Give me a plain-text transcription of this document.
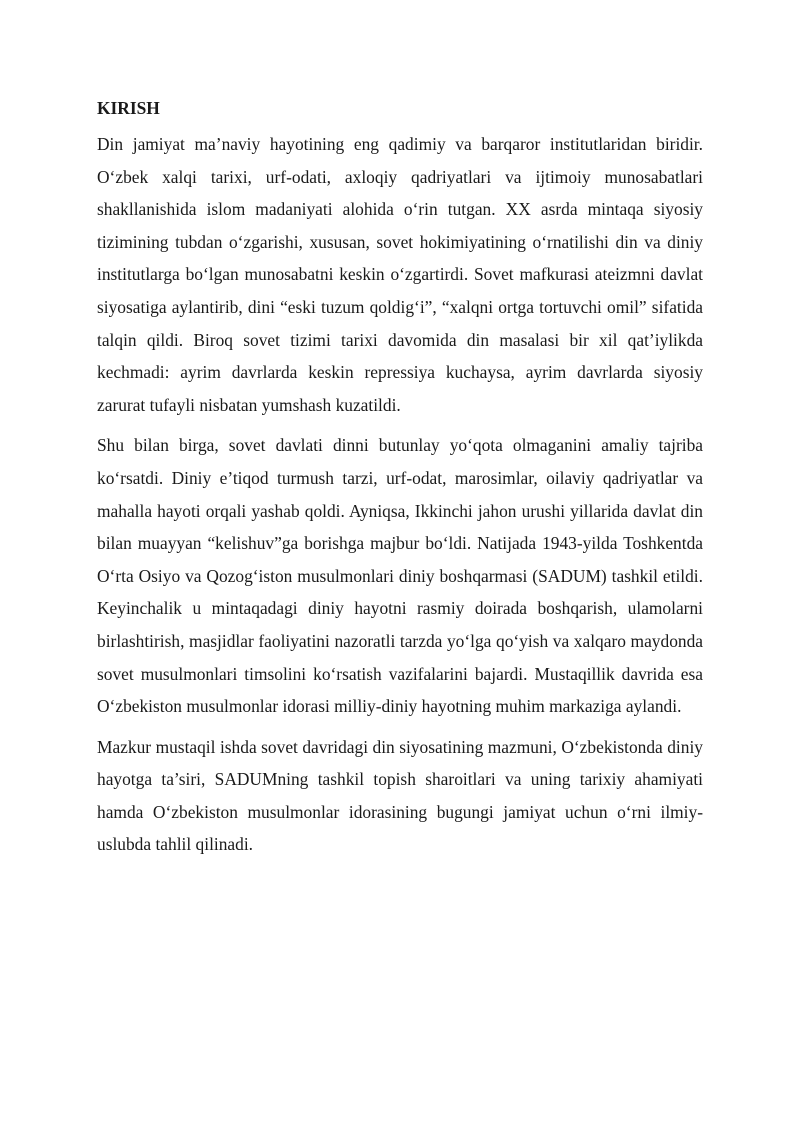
KIRISH

Din jamiyat ma’naviy hayotining eng qadimiy va barqaror institutlaridan biridir. O‘zbek xalqi tarixi, urf-odati, axloqiy qadriyatlari va ijtimoiy munosabatlari shakllanishida islom madaniyati alohida o‘rin tutgan. XX asrda mintaqa siyosiy tizimining tubdan o‘zgarishi, xususan, sovet hokimiyatining o‘rnatilishi din va diniy institutlarga bo‘lgan munosabatni keskin o‘zgartirdi. Sovet mafkurasi ateizmni davlat siyosatiga aylantirib, dini “eski tuzum qoldig‘i”, “xalqni ortga tortuvchi omil” sifatida talqin qildi. Biroq sovet tizimi tarixi davomida din masalasi bir xil qat’iylikda kechmadi: ayrim davrlarda keskin repressiya kuchaysa, ayrim davrlarda siyosiy zarurat tufayli nisbatan yumshash kuzatildi.

Shu bilan birga, sovet davlati dinni butunlay yo‘qota olmaganini amaliy tajriba ko‘rsatdi. Diniy e’tiqod turmush tarzi, urf-odat, marosimlar, oilaviy qadriyatlar va mahalla hayoti orqali yashab qoldi. Ayniqsa, Ikkinchi jahon urushi yillarida davlat din bilan muayyan “kelishuv”ga borishga majbur bo‘ldi. Natijada 1943-yilda Toshkentda O‘rta Osiyo va Qozog‘iston musulmonlari diniy boshqarmasi (SADUM) tashkil etildi. Keyinchalik u mintaqadagi diniy hayotni rasmiy doirada boshqarish, ulamolarni birlashtirish, masjidlar faoliyatini nazoratli tarzda yo‘lga qo‘yish va xalqaro maydonda sovet musulmonlari timsolini ko‘rsatish vazifalarini bajardi. Mustaqillik davrida esa O‘zbekiston musulmonlar idorasi milliy-diniy hayotning muhim markaziga aylandi.

Mazkur mustaqil ishda sovet davridagi din siyosatining mazmuni, O‘zbekistonda diniy hayotga ta’siri, SADUMning tashkil topish sharoitlari va uning tarixiy ahamiyati hamda O‘zbekiston musulmonlar idorasining bugungi jamiyat uchun o‘rni ilmiy-uslubda tahlil qilinadi.
